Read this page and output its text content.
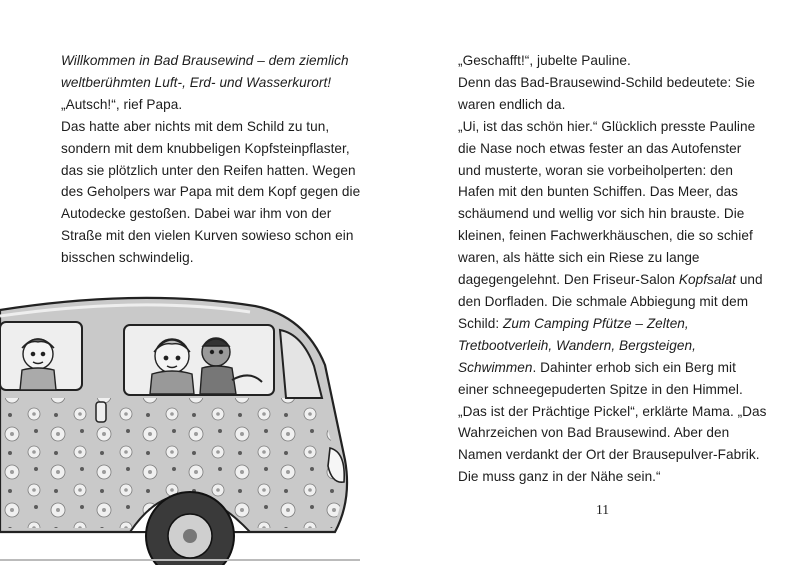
Willkommen in Bad Brausewind – dem ziemlich
weltberühmten Luft-, Erd- und Wasserkurort!
„Autsch!“, rief Papa.
Das hatte aber nichts mit dem Schild zu tun,
sondern mit dem knubbeligen Kopfsteinpflaster,
das sie plötzlich unter den Reifen hatten. Wegen
des Geholpers war Papa mit dem Kopf gegen die
Autodecke gestoßen. Dabei war ihm von der
Straße mit den vielen Kurven sowieso schon ein
bisschen schwindelig.
„Geschafft!“, jubelte Pauline.
Denn das Bad-Brausewind-Schild bedeutete: Sie
waren endlich da.
„Ui, ist das schön hier.“ Glücklich presste Pauline
die Nase noch etwas fester an das Autofenster
und musterte, woran sie vorbeiholperten: den
Hafen mit den bunten Schiffen. Das Meer, das
schäumend und wellig vor sich hin brauste. Die
kleinen, feinen Fachwerkhäuschen, die so schief
waren, als hätte sich ein Riese zu lange
dagegengelehnt. Den Friseur-Salon Kopfsalat und
den Dorfladen. Die schmale Abbiegung mit dem
Schild: Zum Camping Pfütze – Zelten,
Tretbootverleih, Wandern, Bergsteigen,
Schwimmen. Dahinter erhob sich ein Berg mit
einer schneegepuderten Spitze in den Himmel.
„Das ist der Prächtige Pickel“, erklärte Mama. „Das
Wahrzeichen von Bad Brausewind. Aber den
Namen verdankt der Ort der Brausepulver-Fabrik.
Die muss ganz in der Nähe sein.“
11
